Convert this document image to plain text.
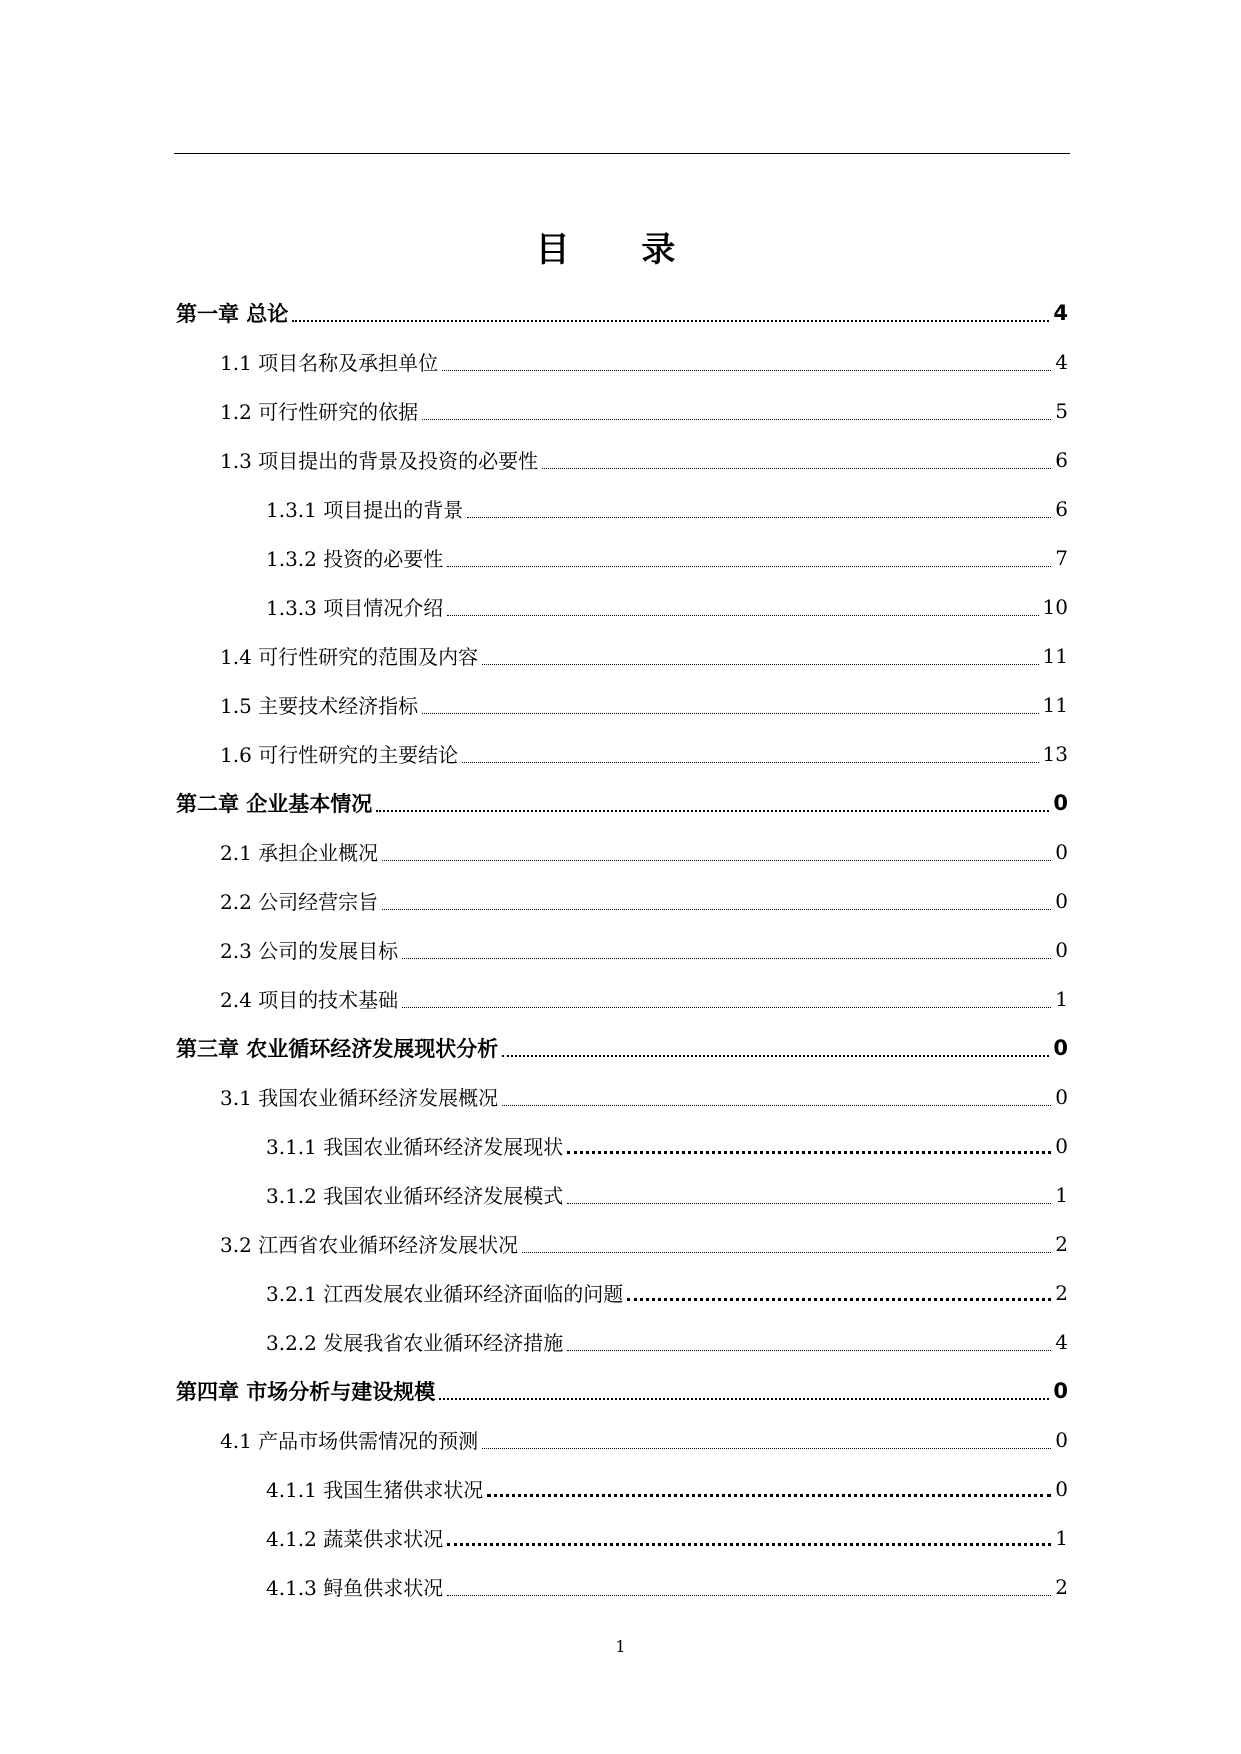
目 录
第一章 总论	4
1.1 项目名称及承担单位	4
1.2 可行性研究的依据	5
1.3 项目提出的背景及投资的必要性	6
1.3.1 项目提出的背景	6
1.3.2 投资的必要性	7
1.3.3 项目情况介绍	10
1.4 可行性研究的范围及内容	11
1.5 主要技术经济指标	11
1.6 可行性研究的主要结论	13
第二章 企业基本情况	0
2.1 承担企业概况	0
2.2 公司经营宗旨	0
2.3 公司的发展目标	0
2.4 项目的技术基础	1
第三章 农业循环经济发展现状分析	0
3.1 我国农业循环经济发展概况	0
3.1.1 我国农业循环经济发展现状	0
3.1.2 我国农业循环经济发展模式	1
3.2 江西省农业循环经济发展状况	2
3.2.1 江西发展农业循环经济面临的问题	2
3.2.2 发展我省农业循环经济措施	4
第四章 市场分析与建设规模	0
4.1 产品市场供需情况的预测	0
4.1.1 我国生猪供求状况	0
4.1.2 蔬菜供求状况	1
4.1.3 鲟鱼供求状况	2
1
